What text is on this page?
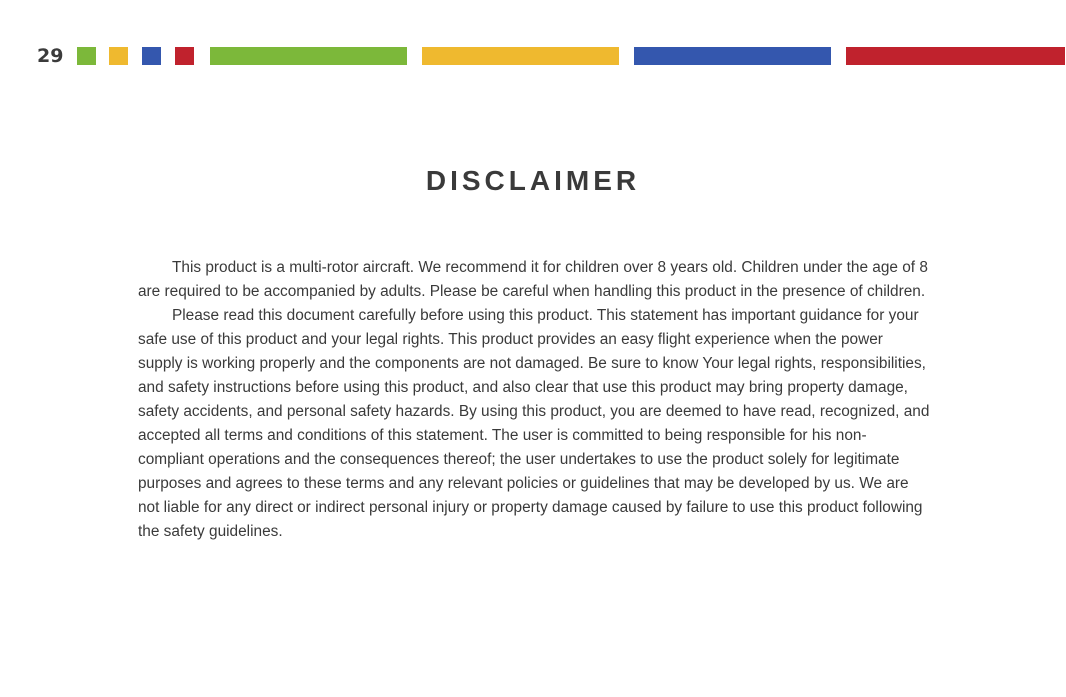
29
DISCLAIMER

This product is a multi-rotor aircraft. We recommend it for children over 8 years old. Children under the age of 8 are required to be accompanied by adults. Please be careful when handling this product in the presence of children.

Please read this document carefully before using this product. This statement has important guidance for your safe use of this product and your legal rights. This product provides an easy flight experience when the power supply is working properly and the components are not damaged. Be sure to know Your legal rights, responsibilities, and safety instructions before using this product, and also clear that use this product may bring property damage, safety accidents, and personal safety hazards. By using this product, you are deemed to have read, recognized, and accepted all terms and conditions of this statement. The user is committed to being responsible for his non-compliant operations and the consequences thereof; the user undertakes to use the product solely for legitimate purposes and agrees to these terms and any relevant policies or guidelines that may be developed by us. We are not liable for any direct or indirect personal injury or property damage caused by failure to use this product following the safety guidelines.
